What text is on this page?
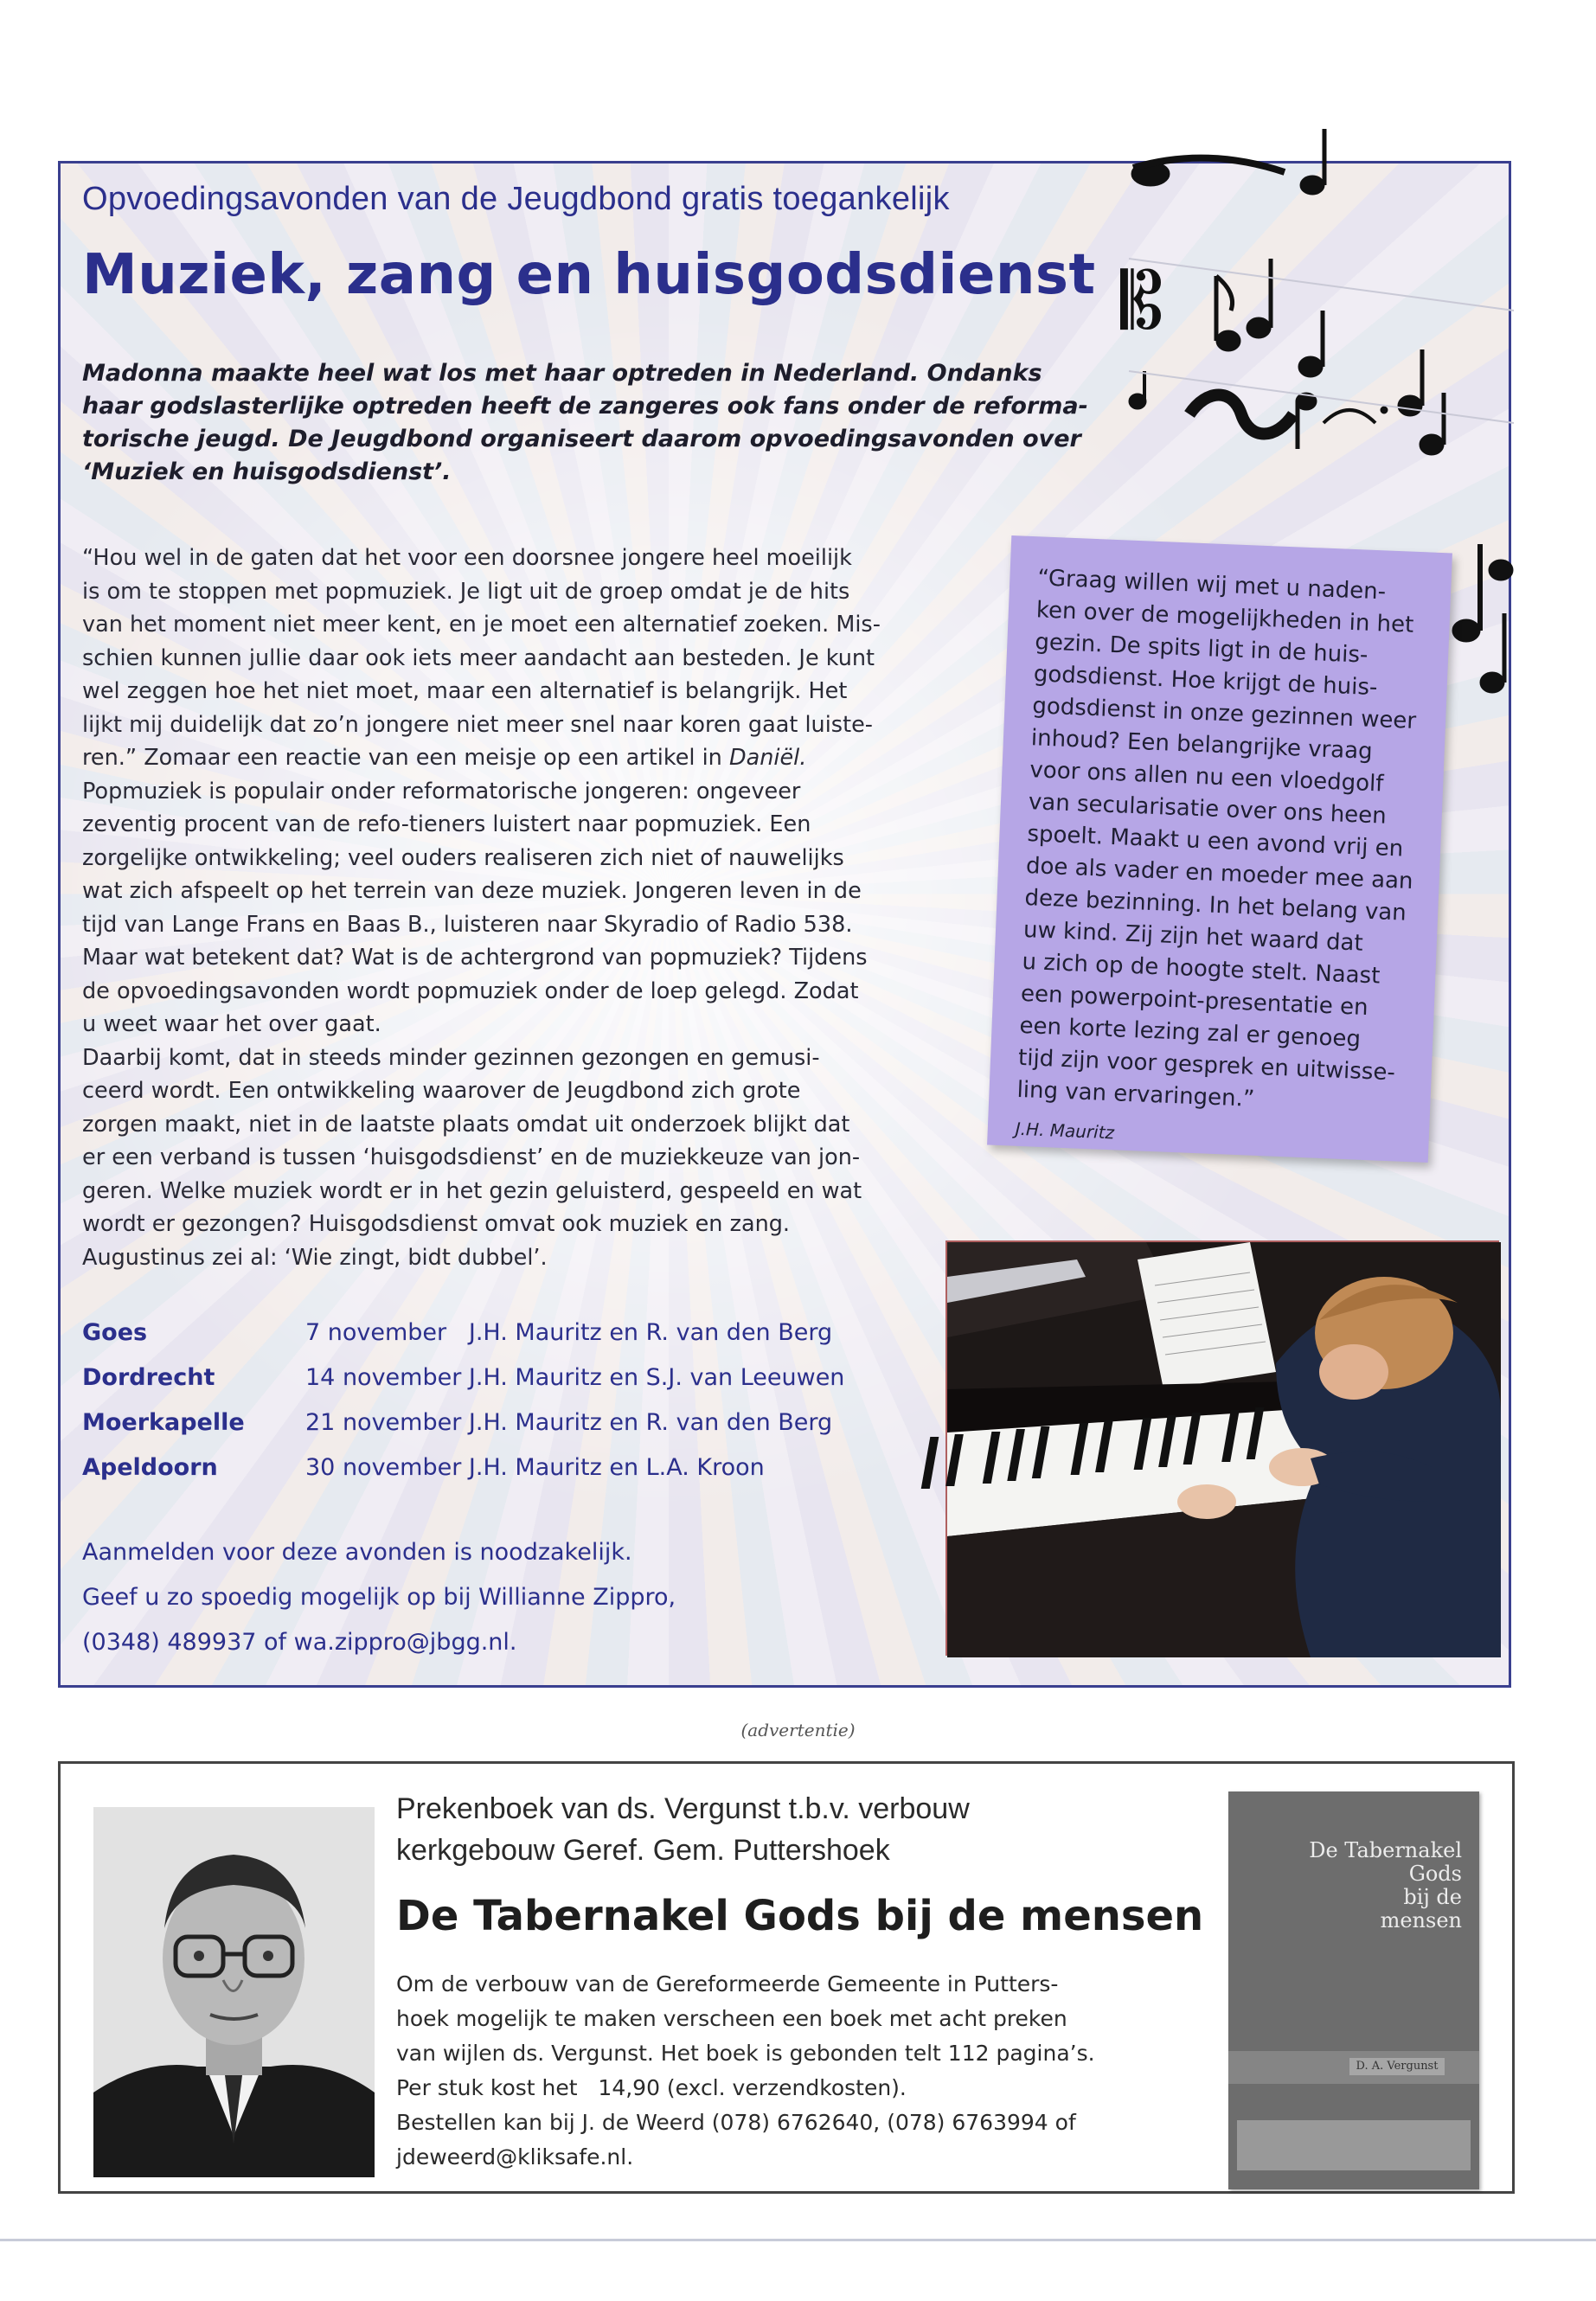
𝄡
Opvoedingsavonden van de Jeugdbond gratis toegankelijk
Muziek, zang en huisgodsdienst
Madonna maakte heel wat los met haar optreden in Nederland. Ondanks
haar godslasterlijke optreden heeft de zangeres ook fans onder de reforma-
torische jeugd. De Jeugdbond organiseert daarom opvoedingsavonden over
‘Muziek en huisgodsdienst’.
“Hou wel in de gaten dat het voor een doorsnee jongere heel moeilijk
is om te stoppen met popmuziek. Je ligt uit de groep omdat je de hits
van het moment niet meer kent, en je moet een alternatief zoeken. Mis-
schien kunnen jullie daar ook iets meer aandacht aan besteden. Je kunt
wel zeggen hoe het niet moet, maar een alternatief is belangrijk. Het
lijkt mij duidelijk dat zo’n jongere niet meer snel naar koren gaat luiste-
ren.” Zomaar een reactie van een meisje op een artikel in Daniël.
Popmuziek is populair onder reformatorische jongeren: ongeveer
zeventig procent van de refo-tieners luistert naar popmuziek. Een
zorgelijke ontwikkeling; veel ouders realiseren zich niet of nauwelijks
wat zich afspeelt op het terrein van deze muziek. Jongeren leven in de
tijd van Lange Frans en Baas B., luisteren naar Skyradio of Radio 538.
Maar wat betekent dat? Wat is de achtergrond van popmuziek? Tijdens
de opvoedingsavonden wordt popmuziek onder de loep gelegd. Zodat
u weet waar het over gaat.
Daarbij komt, dat in steeds minder gezinnen gezongen en gemusi-
ceerd wordt. Een ontwikkeling waarover de Jeugdbond zich grote
zorgen maakt, niet in de laatste plaats omdat uit onderzoek blijkt dat
er een verband is tussen ‘huisgodsdienst’ en de muziekkeuze van jon-
geren. Welke muziek wordt er in het gezin geluisterd, gespeeld en wat
wordt er gezongen? Huisgodsdienst omvat ook muziek en zang.
Augustinus zei al: ‘Wie zingt, bidt dubbel’.
“Graag willen wij met u naden-
ken over de mogelijkheden in het
gezin. De spits ligt in de huis-
godsdienst. Hoe krijgt de huis-
godsdienst in onze gezinnen weer
inhoud? Een belangrijke vraag
voor ons allen nu een vloedgolf
van secularisatie over ons heen
spoelt. Maakt u een avond vrij en
doe als vader en moeder mee aan
deze bezinning. In het belang van
uw kind. Zij zijn het waard dat
u zich op de hoogte stelt. Naast
een powerpoint-presentatie en
een korte lezing zal er genoeg
tijd zijn voor gesprek en uitwisse-
ling van ervaringen.”
J.H. Mauritz
Goes	7 november   J.H. Mauritz en R. van den Berg
Dordrecht	14 november J.H. Mauritz en S.J. van Leeuwen
Moerkapelle	21 november J.H. Mauritz en R. van den Berg
Apeldoorn	30 november J.H. Mauritz en L.A. Kroon
Aanmelden voor deze avonden is noodzakelijk.
Geef u zo spoedig mogelijk op bij Willianne Zippro,
(0348) 489937 of wa.zippro@jbgg.nl.
(advertentie)
Prekenboek van ds. Vergunst t.b.v. verbouw
kerkgebouw Geref. Gem. Puttershoek
De Tabernakel Gods bij de mensen
Om de verbouw van de Gereformeerde Gemeente in Putters-
hoek mogelijk te maken verscheen een boek met acht preken
van wijlen ds. Vergunst. Het boek is gebonden telt 112 pagina’s.
Per stuk kost het   14,90 (excl. verzendkosten).
Bestellen kan bij J. de Weerd (078) 6762640, (078) 6763994 of
jdeweerd@kliksafe.nl.
De Tabernakel
Gods
bij de
mensen
D. A. Vergunst
